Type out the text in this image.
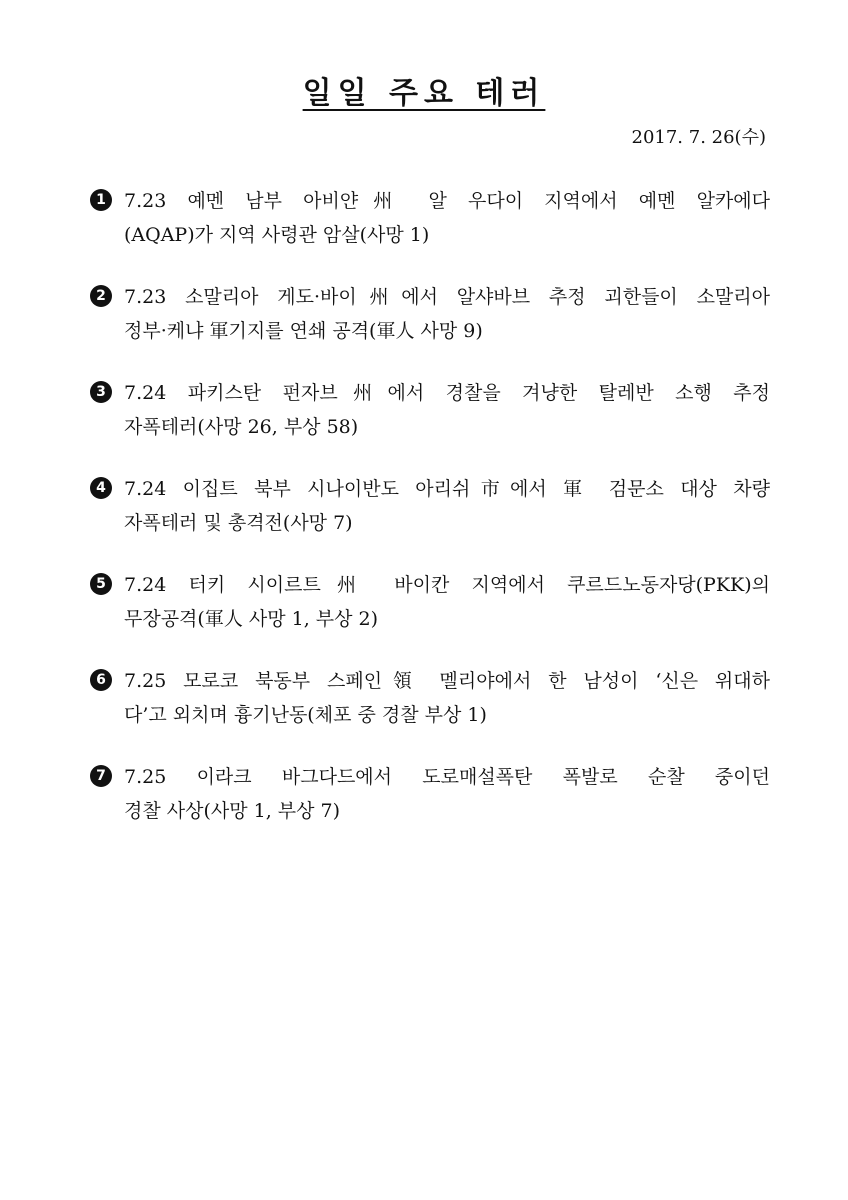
일일 주요 테러
2017. 7. 26(수)
1 7.23 예멘 남부 아비얀州 알 우다이 지역에서 예멘 알카에다
(AQAP)가 지역 사령관 암살(사망 1)
2 7.23 소말리아 게도·바이州에서 알샤바브 추정 괴한들이 소말리아
정부·케냐 軍기지를 연쇄 공격(軍人 사망 9)
3 7.24 파키스탄 펀자브州에서 경찰을 겨냥한 탈레반 소행 추정
자폭테러(사망 26, 부상 58)
4 7.24 이집트 북부 시나이반도 아리쉬市에서 軍 검문소 대상 차량
자폭테러 및 총격전(사망 7)
5 7.24 터키 시이르트州 바이칸 지역에서 쿠르드노동자당(PKK)의
무장공격(軍人 사망 1, 부상 2)
6 7.25 모로코 북동부 스페인領 멜리야에서 한 남성이 ‘신은 위대하
다’고 외치며 흉기난동(체포 중 경찰 부상 1)
7 7.25 이라크 바그다드에서 도로매설폭탄 폭발로 순찰 중이던
경찰 사상(사망 1, 부상 7)
